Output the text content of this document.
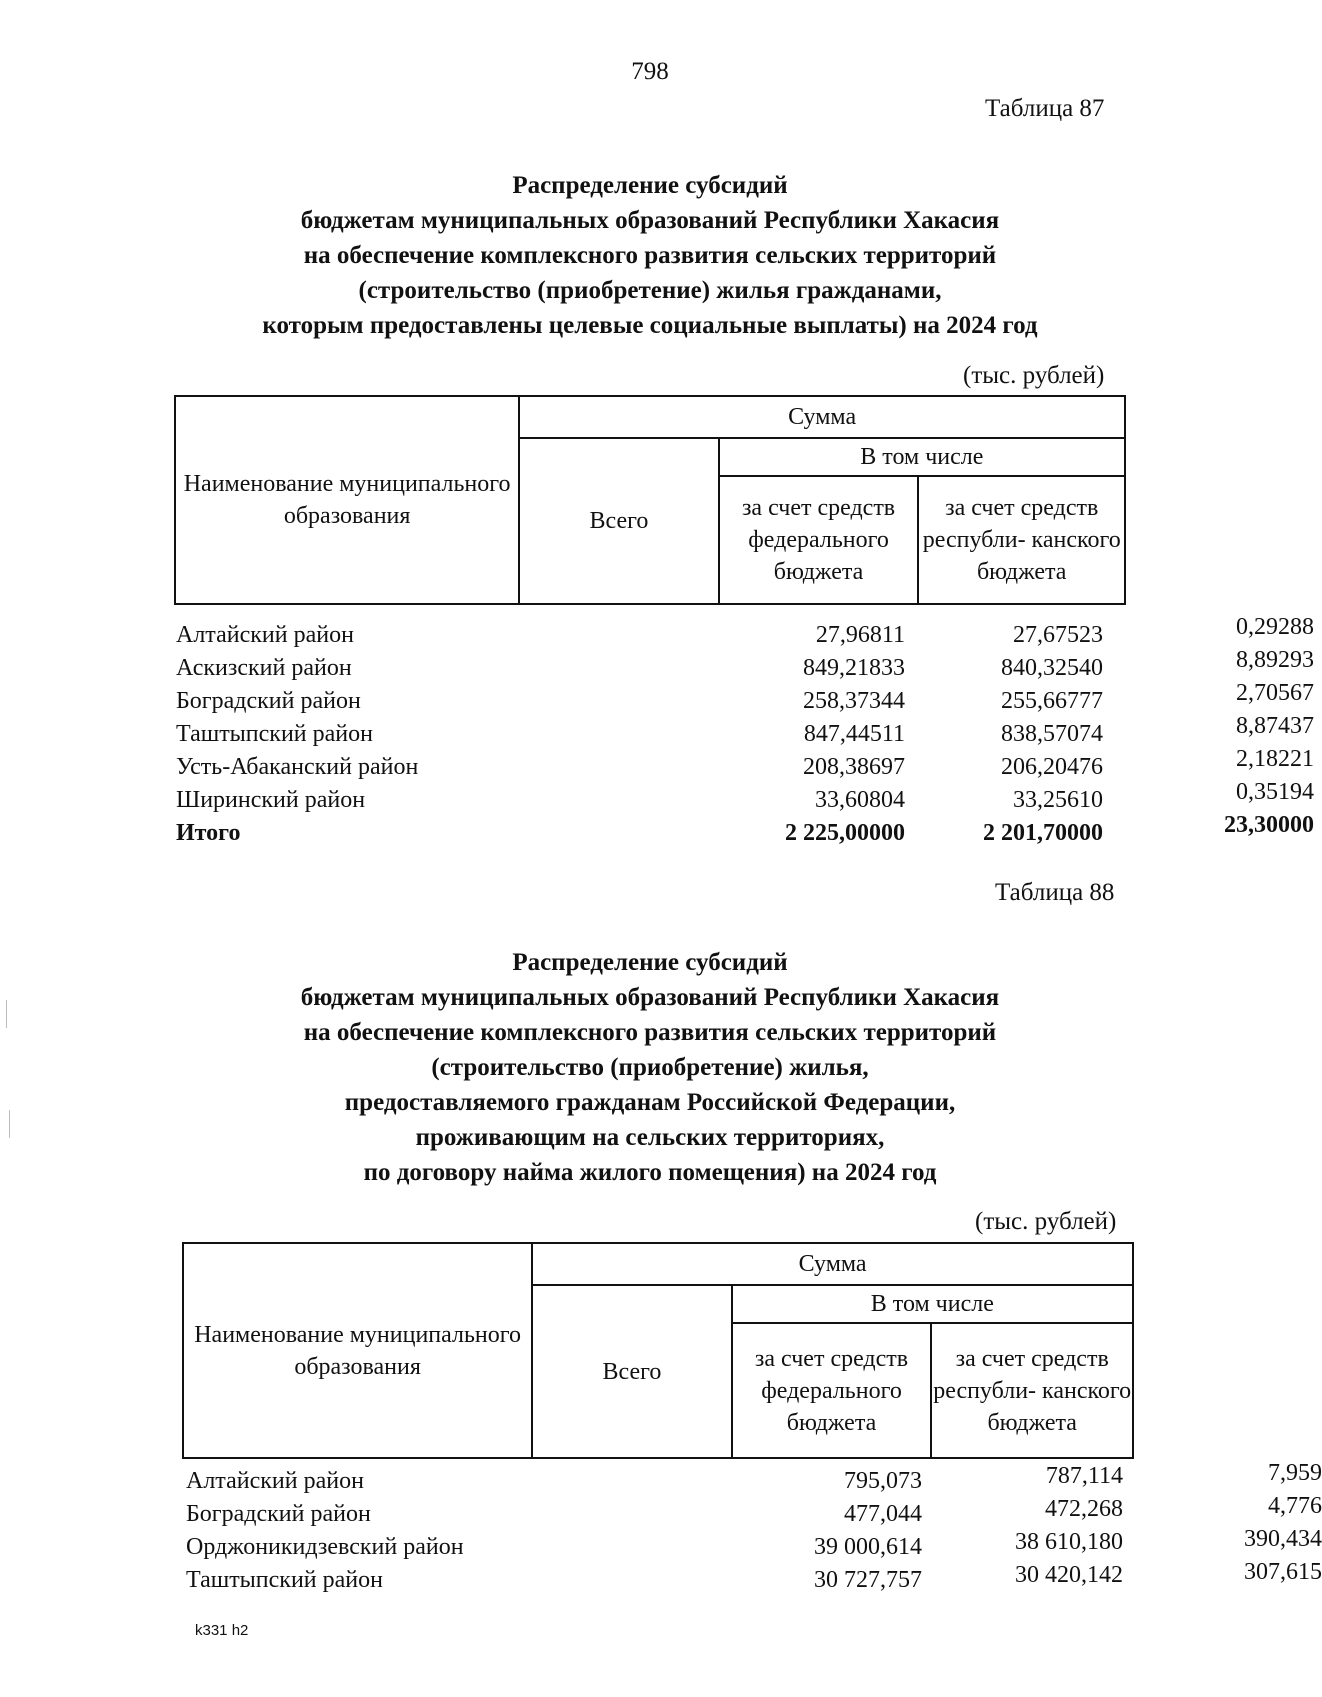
798
Таблица 87
Распределение субсидий
бюджетам муниципальных образований Республики Хакасия
на обеспечение комплексного развития сельских территорий
(строительство (приобретение) жилья гражданами,
которым предоставлены целевые социальные выплаты) на 2024 год
(тыс. рублей)
Наименование муниципального образования	Сумма		
	Всего	В том числе	
		за счет средств федерального бюджета	за счет средств республи- канского бюджета
Алтайский район	27,96811	27,67523	0,29288
Аскизский район	849,21833	840,32540	8,89293
Боградский район	258,37344	255,66777	2,70567
Таштыпский район	847,44511	838,57074	8,87437
Усть-Абаканский район	208,38697	206,20476	2,18221
Ширинский район	33,60804	33,25610	0,35194
Итого	2 225,00000	2 201,70000	23,30000
Таблица 88
Распределение субсидий
бюджетам муниципальных образований Республики Хакасия
на обеспечение комплексного развития сельских территорий
(строительство (приобретение) жилья,
предоставляемого гражданам Российской Федерации,
проживающим на сельских территориях,
по договору найма жилого помещения) на 2024 год
(тыс. рублей)
Наименование муниципального образования	Сумма		
	Всего	В том числе	
		за счет средств федерального бюджета	за счет средств республи- канского бюджета
Алтайский район	795,073	787,114	7,959
Боградский район	477,044	472,268	4,776
Орджоникидзевский район	39 000,614	38 610,180	390,434
Таштыпский район	30 727,757	30 420,142	307,615
k331 h2
